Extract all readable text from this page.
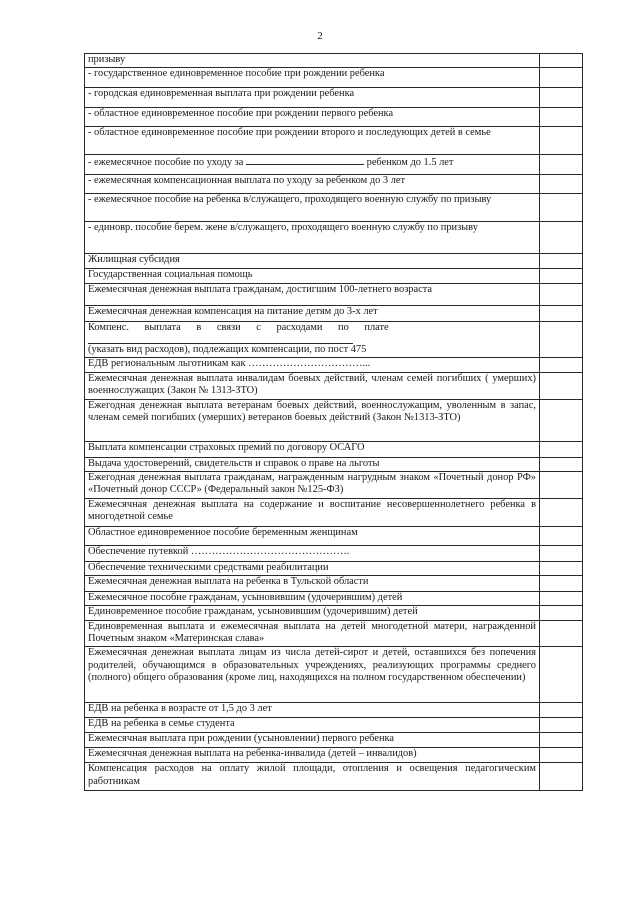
2
призыву	
- государственное единовременное пособие при рождении ребенка	
- городская единовременная выплата при рождении ребенка	
- областное единовременное пособие при рождении первого ребенка	
- областное единовременное пособие при рождении второго и последующих детей в семье	
- ежемесячное пособие по уходу за ребенком до 1.5 лет	
- ежемесячная компенсационная выплата по уходу за ребенком до 3 лет	
- ежемесячное пособие на ребенка в/служащего, проходящего военную службу по призыву	
- единовр. пособие берем. жене в/служащего, проходящего военную службу по призыву	
Жилищная субсидия	
Государственная социальная помощь	
Ежемесячная денежная выплата гражданам, достигшим 100-летнего возраста	
Ежемесячная денежная компенсация на питание детям до 3-х лет	

Компенс.      выплата      в      связи      с      расходами      по      плате
(указать вид расходов), подлежащих компенсации, по пост 475	

ЕДВ региональным льготникам как ……………………………...	
Ежемесячная денежная выплата инвалидам боевых действий, членам семей погибших ( умерших) военнослужащих (Закон № 1313-ЗТО)	
Ежегодная денежная выплата ветеранам боевых действий, военнослужащим, уволенным в запас, членам семей погибших (умерших) ветеранов боевых действий (Закон №1313-ЗТО)	
Выплата компенсации страховых премий по договору ОСАГО	
Выдача удостоверений, свидетельств и справок о праве на льготы	
Ежегодная денежная выплата гражданам, награжденным нагрудным знаком «Почетный донор РФ» «Почетный донор СССР» (Федеральный закон №125-ФЗ)	
Ежемесячная денежная выплата на содержание и воспитание несовершеннолетнего ребенка в многодетной семье	
Областное единовременное пособие беременным женщинам	
Обеспечение путевкой ……………………………………….	
Обеспечение техническими средствами реабилитации	
Ежемесячная денежная выплата на ребенка в Тульской области	
Ежемесячное пособие гражданам, усыновившим (удочерившим) детей	
Единовременное пособие гражданам, усыновившим (удочерившим) детей	
Единовременная выплата и ежемесячная выплата на детей многодетной матери, награжденной Почетным знаком «Материнская слава»	
Ежемесячная денежная выплата лицам из числа детей-сирот и детей, оставшихся без попечения родителей, обучающимся в образовательных учреждениях, реализующих программы среднего (полного) общего образования (кроме лиц, находящихся на полном государственном обеспечении)	
ЕДВ на ребенка в возрасте от 1,5 до 3 лет	
ЕДВ на ребенка в семье студента	
Ежемесячная выплата при рождении (усыновлении) первого ребенка	
Ежемесячная денежная выплата на ребенка-инвалида (детей – инвалидов)	
Компенсация расходов на оплату жилой площади, отопления и освещения педагогическим работникам	
